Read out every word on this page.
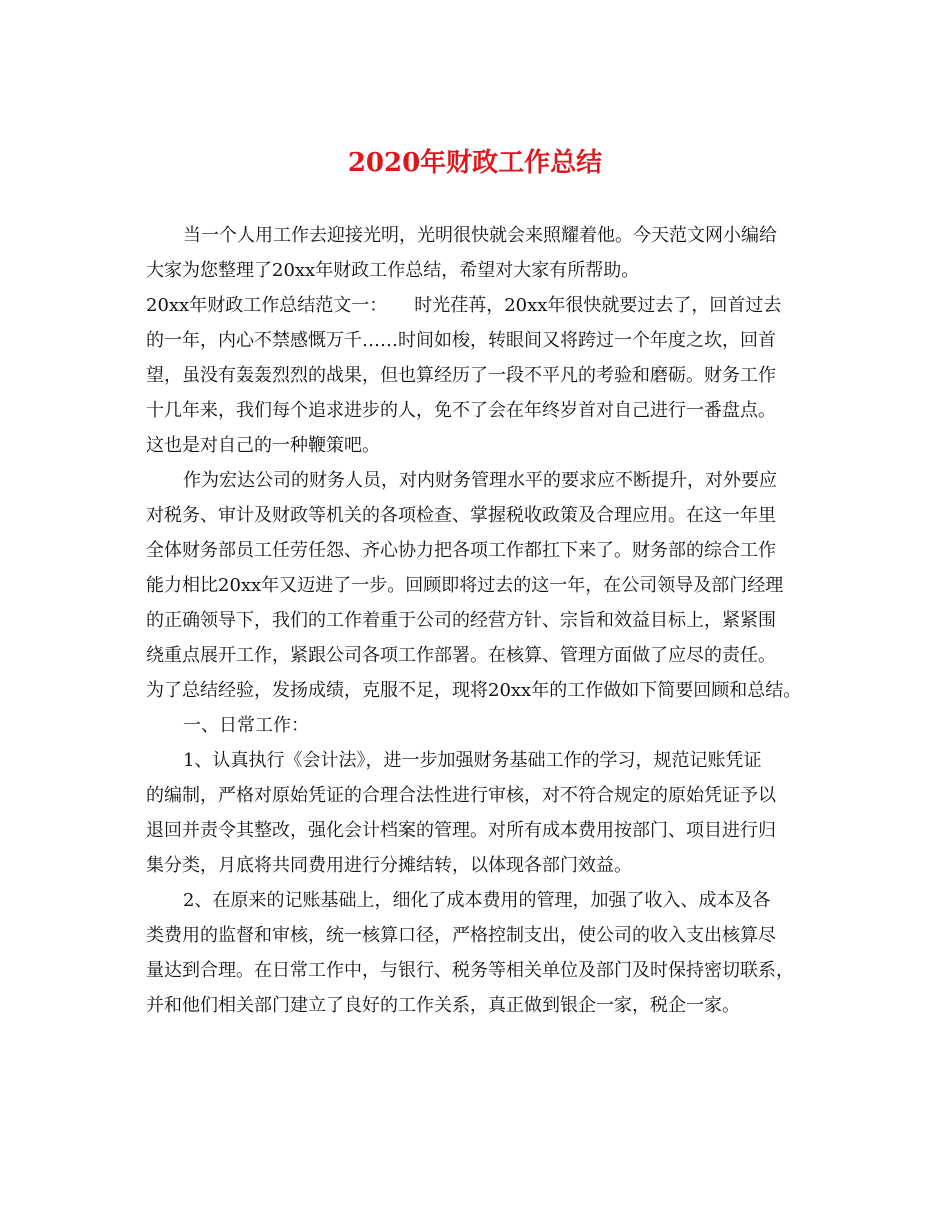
2020年财政工作总结
当一个人用工作去迎接光明，光明很快就会来照耀着他。今天范文网小编给
大家为您整理了20xx年财政工作总结，希望对大家有所帮助。
20xx年财政工作总结范文一：　　时光荏苒，20xx年很快就要过去了，回首过去
的一年，内心不禁感慨万千……时间如梭，转眼间又将跨过一个年度之坎，回首
望，虽没有轰轰烈烈的战果，但也算经历了一段不平凡的考验和磨砺。财务工作
十几年来，我们每个追求进步的人，免不了会在年终岁首对自己进行一番盘点。
这也是对自己的一种鞭策吧。
作为宏达公司的财务人员，对内财务管理水平的要求应不断提升，对外要应
对税务、审计及财政等机关的各项检查、掌握税收政策及合理应用。在这一年里
全体财务部员工任劳任怨、齐心协力把各项工作都扛下来了。财务部的综合工作
能力相比20xx年又迈进了一步。回顾即将过去的这一年，在公司领导及部门经理
的正确领导下，我们的工作着重于公司的经营方针、宗旨和效益目标上，紧紧围
绕重点展开工作，紧跟公司各项工作部署。在核算、管理方面做了应尽的责任。
为了总结经验，发扬成绩，克服不足，现将20xx年的工作做如下简要回顾和总结。
一、日常工作：
1、认真执行《会计法》，进一步加强财务基础工作的学习，规范记账凭证
的编制，严格对原始凭证的合理合法性进行审核，对不符合规定的原始凭证予以
退回并责令其整改，强化会计档案的管理。对所有成本费用按部门、项目进行归
集分类，月底将共同费用进行分摊结转，以体现各部门效益。
2、在原来的记账基础上，细化了成本费用的管理，加强了收入、成本及各
类费用的监督和审核，统一核算口径，严格控制支出，使公司的收入支出核算尽
量达到合理。在日常工作中，与银行、税务等相关单位及部门及时保持密切联系，
并和他们相关部门建立了良好的工作关系，真正做到银企一家，税企一家。
